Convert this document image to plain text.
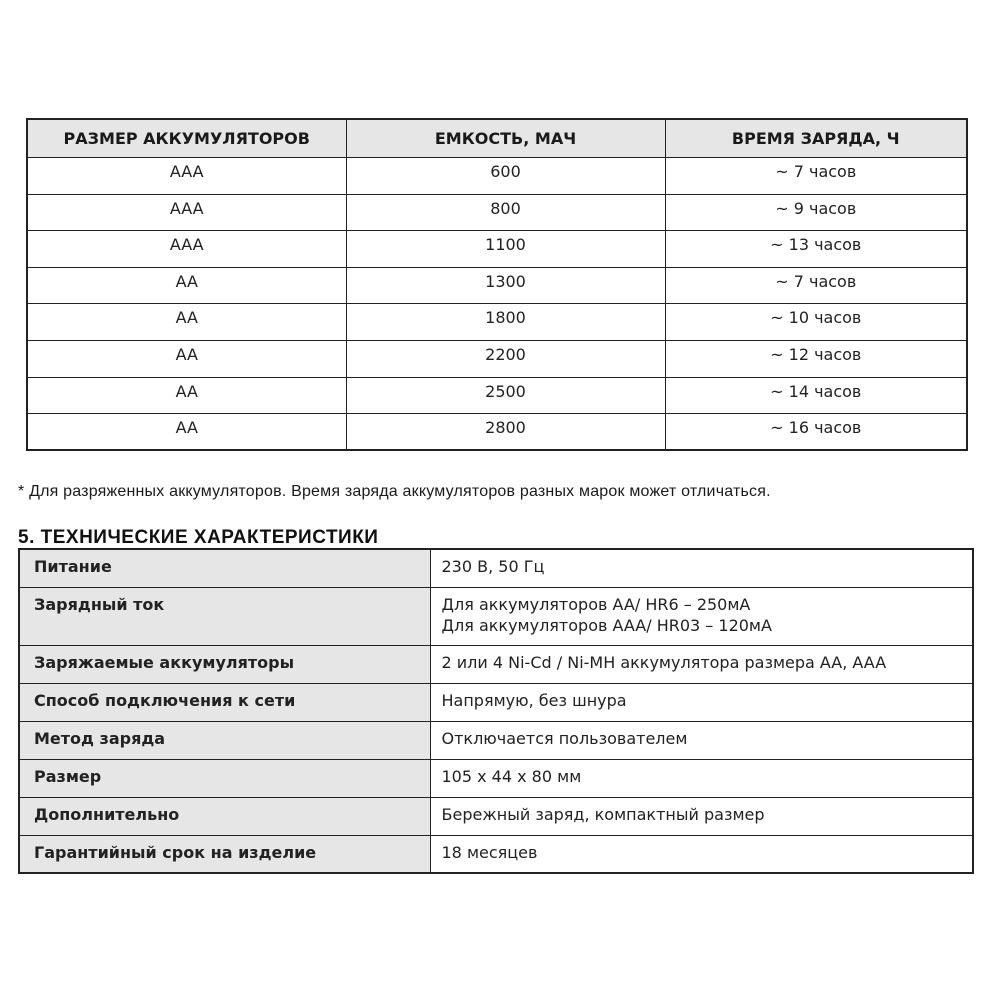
РАЗМЕР АККУМУЛЯТОРОВ	ЕМКОСТЬ, МАЧ	ВРЕМЯ ЗАРЯДА, Ч
AAA	600	~ 7 часов
AAA	800	~ 9 часов
AAA	1100	~ 13 часов
AA	1300	~ 7 часов
AA	1800	~ 10 часов
AA	2200	~ 12 часов
AA	2500	~ 14 часов
AA	2800	~ 16 часов
* Для разряженных аккумуляторов. Время заряда аккумуляторов разных марок может отличаться.
5. ТЕХНИЧЕСКИЕ ХАРАКТЕРИСТИКИ
Питание	230 В, 50 Гц

Зарядный ток	Для аккумуляторов AA/ HR6 – 250мА
Для аккумуляторов AAA/ HR03 – 120мА

Заряжаемые аккумуляторы	2 или 4 Ni-Cd / Ni-MH аккумулятора размера AA, AAA

Способ подключения к сети	Напрямую, без шнура

Метод заряда	Отключается пользователем

Размер	105 x 44 x 80 мм

Дополнительно	Бережный заряд, компактный размер

Гарантийный срок на изделие	18 месяцев
